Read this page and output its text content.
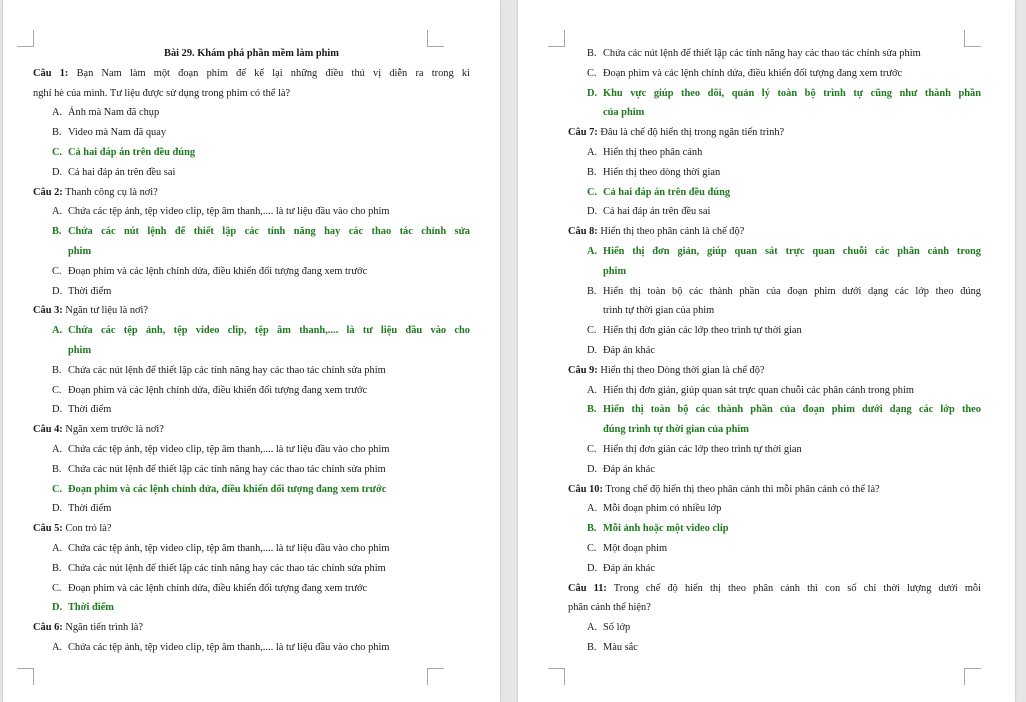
Bài 29. Khám phá phần mềm làm phim
Câu 1: Bạn Nam làm một đoạn phim để kể lại những điều thú vị diễn ra trong kì
nghỉ hè của mình. Tư liệu được sử dụng trong phim có thể là?
A. Ảnh mà Nam đã chụp
B. Video mà Nam đã quay
C. Cả hai đáp án trên đều đúng
D. Cả hai đáp án trên đều sai
Câu 2: Thanh công cụ là nơi?
A. Chứa các tệp ảnh, tệp video clip, tệp âm thanh,.... là tư liệu đầu vào cho phim
B. Chứa các nút lệnh để thiết lập các tính năng hay các thao tác chỉnh sửa
phim
C. Đoạn phim và các lệnh chỉnh dửa, điều khiển đối tượng đang xem trước
D. Thời điểm
Câu 3: Ngăn tư liệu là nơi?
A. Chứa các tệp ảnh, tệp video clip, tệp âm thanh,.... là tư liệu đầu vào cho
phim
B. Chứa các nút lệnh để thiết lập các tính năng hay các thao tác chỉnh sửa phim
C. Đoạn phim và các lệnh chỉnh dửa, điều khiển đối tượng đang xem trước
D. Thời điểm
Câu 4: Ngăn xem trước là nơi?
A. Chứa các tệp ảnh, tệp video clip, tệp âm thanh,.... là tư liệu đầu vào cho phim
B. Chứa các nút lệnh để thiết lập các tính năng hay các thao tác chỉnh sửa phim
C. Đoạn phim và các lệnh chỉnh dửa, điều khiển đối tượng đang xem trước
D. Thời điểm
Câu 5: Con trỏ là?
A. Chứa các tệp ảnh, tệp video clip, tệp âm thanh,.... là tư liệu đầu vào cho phim
B. Chứa các nút lệnh để thiết lập các tính năng hay các thao tác chỉnh sửa phim
C. Đoạn phim và các lệnh chỉnh dửa, điều khiển đối tượng đang xem trước
D. Thời điểm
Câu 6: Ngăn tiến trình là?
A. Chứa các tệp ảnh, tệp video clip, tệp âm thanh,.... là tư liệu đầu vào cho phim
B. Chứa các nút lệnh để thiết lập các tính năng hay các thao tác chỉnh sửa phim
C. Đoạn phim và các lệnh chỉnh dửa, điều khiển đối tượng đang xem trước
D. Khu vực giúp theo dõi, quản lý toàn bộ trình tự cũng như thành phần
của phim
Câu 7: Đâu là chế độ hiển thị trong ngăn tiến trình?
A. Hiển thị theo phân cảnh
B. Hiển thị theo dòng thời gian
C. Cả hai đáp án trên đều đúng
D. Cả hai đáp án trên đều sai
Câu 8: Hiển thị theo phân cảnh là chế độ?
A. Hiển thị đơn giản, giúp quan sát trực quan chuỗi các phân cảnh trong
phim
B. Hiển thị toàn bộ các thành phần của đoạn phim dưới dạng các lớp theo đúng
trình tự thời gian của phim
C. Hiển thị đơn giản các lớp theo trình tự thời gian
D. Đáp án khác
Câu 9: Hiển thị theo Dòng thời gian là chế độ?
A. Hiển thị đơn giản, giúp quan sát trực quan chuỗi các phân cảnh trong phim
B. Hiển thị toàn bộ các thành phần của đoạn phim dưới dạng các lớp theo
đúng trình tự thời gian của phim
C. Hiển thị đơn giản các lớp theo trình tự thời gian
D. Đáp án khác
Câu 10: Trong chế độ hiển thị theo phân cảnh thì mỗi phân cảnh có thể là?
A. Mỗi đoạn phim có nhiều lớp
B. Mỗi ảnh hoặc một video clip
C. Một đoạn phim
D. Đáp án khác
Câu 11: Trong chế độ hiển thị theo phân cảnh thì con số chỉ thời lượng dưới mỗi
phân cảnh thể hiện?
A. Số lớp
B. Màu sắc
